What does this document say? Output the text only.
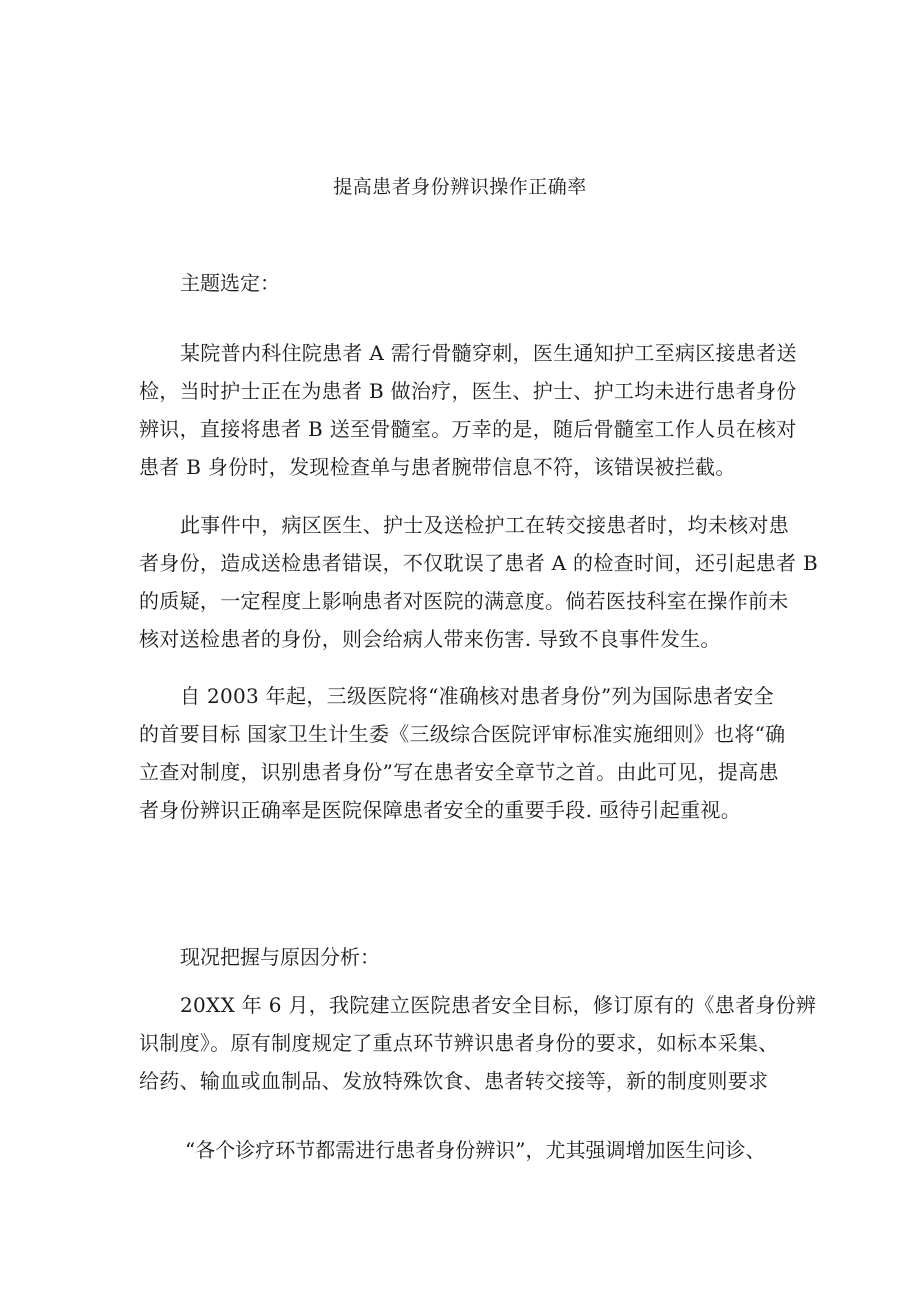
提高患者身份辨识操作正确率
主题选定：
某院普内科住院患者 A 需行骨髓穿刺，医生通知护工至病区接患者送
检，当时护士正在为患者 B 做治疗，医生、护士、护工均未进行患者身份
辨识，直接将患者 B 送至骨髓室。万幸的是，随后骨髓室工作人员在核对
患者 B 身份时，发现检查单与患者腕带信息不符，该错误被拦截。
此事件中，病区医生、护士及送检护工在转交接患者时，均未核对患
者身份，造成送检患者错误，不仅耽误了患者 A 的检查时间，还引起患者 B
的质疑，一定程度上影响患者对医院的满意度。倘若医技科室在操作前未
核对送检患者的身份，则会给病人带来伤害. 导致不良事件发生。
自 2003 年起，三级医院将“准确核对患者身份”列为国际患者安全
的首要目标 国家卫生计生委《三级综合医院评审标准实施细则》也将“确
立查对制度，识别患者身份”写在患者安全章节之首。由此可见，提高患
者身份辨识正确率是医院保障患者安全的重要手段. 亟待引起重视。
现况把握与原因分析：
20XX 年 6 月，我院建立医院患者安全目标，修订原有的《患者身份辨
识制度》。原有制度规定了重点环节辨识患者身份的要求，如标本采集、
给药、输血或血制品、发放特殊饮食、患者转交接等，新的制度则要求
“各个诊疗环节都需进行患者身份辨识”，尤其强调增加医生问诊、
